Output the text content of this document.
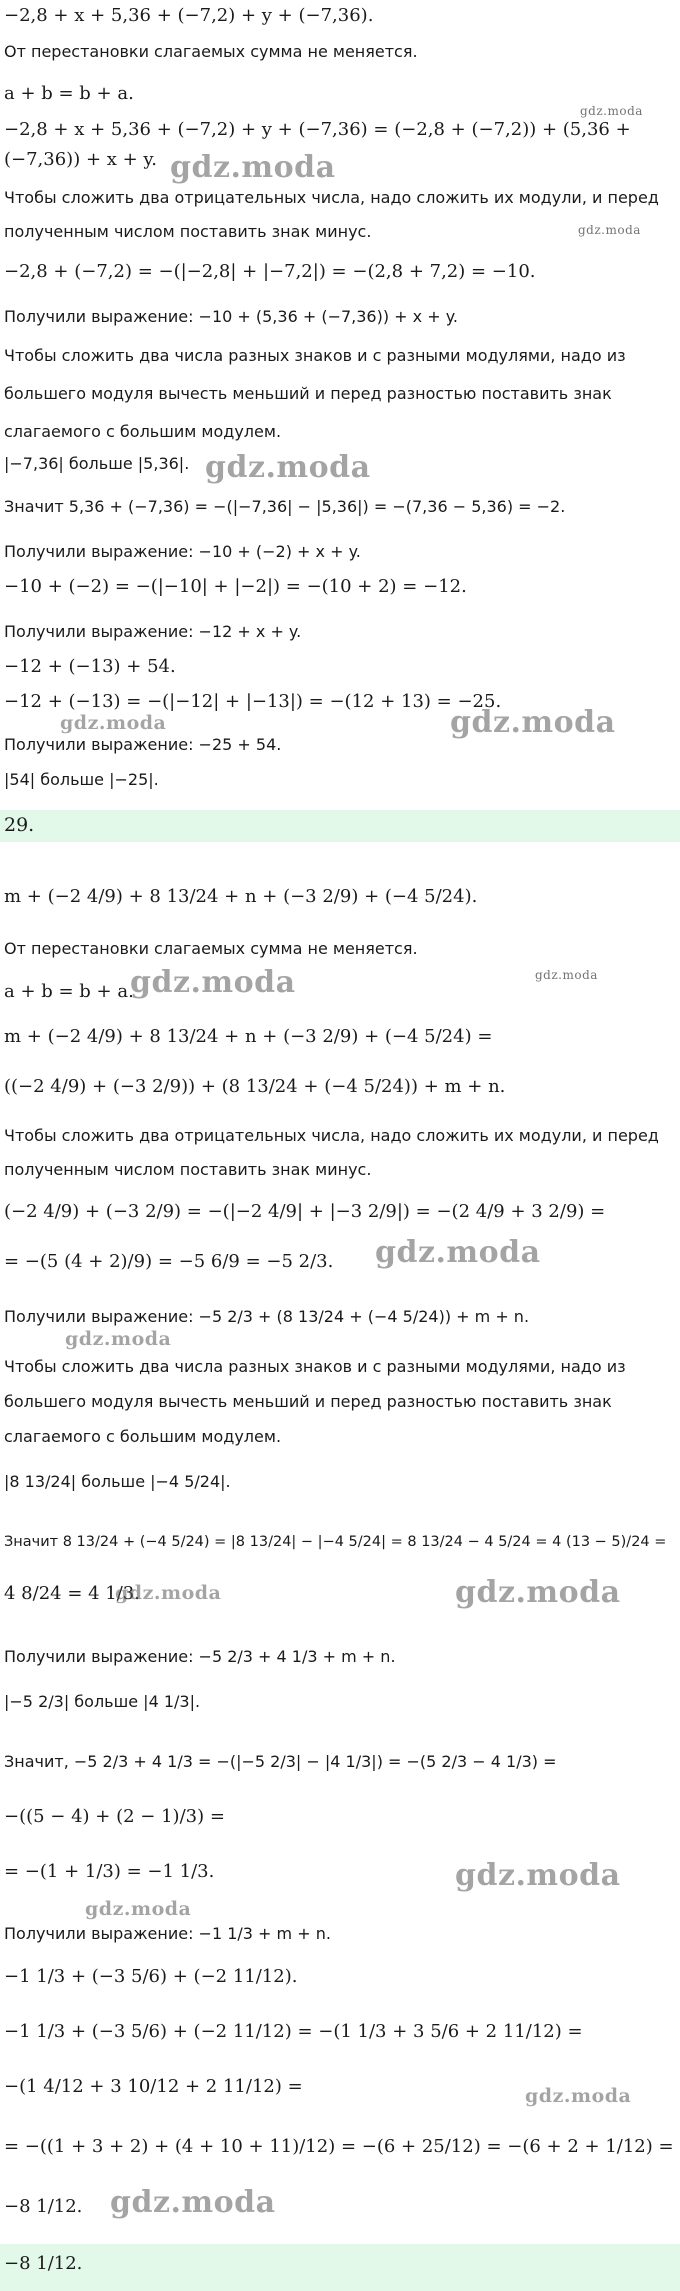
29.
−2,8 + x + 5,36 + (−7,2) + y + (−7,36).
От перестановки слагаемых сумма не меняется.
a + b = b + a.
−2,8 + x + 5,36 + (−7,2) + y + (−7,36) = (−2,8 + (−7,2)) + (5,36 +
(−7,36)) + x + y.
Чтобы сложить два отрицательных числа, надо сложить их модули, и перед
полученным числом поставить знак минус.
−2,8 + (−7,2) = −(|−2,8| + |−7,2|) = −(2,8 + 7,2) = −10.
Получили выражение: −10 + (5,36 + (−7,36)) + x + y.
Чтобы сложить два числа разных знаков и с разными модулями, надо из
большего модуля вычесть меньший и перед разностью поставить знак
слагаемого с большим модулем.
|−7,36| больше |5,36|.
Значит 5,36 + (−7,36) = −(|−7,36| − |5,36|) = −(7,36 − 5,36) = −2.
Получили выражение: −10 + (−2) + x + y.
−10 + (−2) = −(|−10| + |−2|) = −(10 + 2) = −12.
Получили выражение: −12 + x + y.
−12 + (−13) + 54.
−12 + (−13) = −(|−12| + |−13|) = −(12 + 13) = −25.
Получили выражение: −25 + 54.
|54| больше |−25|.
m + (−2 4/9) + 8 13/24 + n + (−3 2/9) + (−4 5/24).
От перестановки слагаемых сумма не меняется.
a + b = b + a.
m + (−2 4/9) + 8 13/24 + n + (−3 2/9) + (−4 5/24) =
((−2 4/9) + (−3 2/9)) + (8 13/24 + (−4 5/24)) + m + n.
Чтобы сложить два отрицательных числа, надо сложить их модули, и перед
полученным числом поставить знак минус.
(−2 4/9) + (−3 2/9) = −(|−2 4/9| + |−3 2/9|) = −(2 4/9 + 3 2/9) =
= −(5 (4 + 2)/9) = −5 6/9 = −5 2/3.
Получили выражение: −5 2/3 + (8 13/24 + (−4 5/24)) + m + n.
Чтобы сложить два числа разных знаков и с разными модулями, надо из
большего модуля вычесть меньший и перед разностью поставить знак
слагаемого с большим модулем.
|8 13/24| больше |−4 5/24|.
Значит 8 13/24 + (−4 5/24) = |8 13/24| − |−4 5/24| = 8 13/24 − 4 5/24 = 4 (13 − 5)/24 =
4 8/24 = 4 1/3.
Получили выражение: −5 2/3 + 4 1/3 + m + n.
|−5 2/3| больше |4 1/3|.
Значит, −5 2/3 + 4 1/3 = −(|−5 2/3| − |4 1/3|) = −(5 2/3 − 4 1/3) =
−((5 − 4) + (2 − 1)/3) =
= −(1 + 1/3) = −1 1/3.
Получили выражение: −1 1/3 + m + n.
−1 1/3 + (−3 5/6) + (−2 11/12).
−1 1/3 + (−3 5/6) + (−2 11/12) = −(1 1/3 + 3 5/6 + 2 11/12) =
−(1 4/12 + 3 10/12 + 2 11/12) =
= −((1 + 3 + 2) + (4 + 10 + 11)/12) = −(6 + 25/12) = −(6 + 2 + 1/12) =
−8 1/12.
−8 1/12.
gdz.moda
gdz.moda
gdz.moda
gdz.moda
gdz.moda	gdz.moda
gdz.moda	gdz.moda
gdz.moda
gdz.moda
gdz.moda	gdz.moda
gdz.moda
gdz.moda
gdz.moda
gdz.moda
